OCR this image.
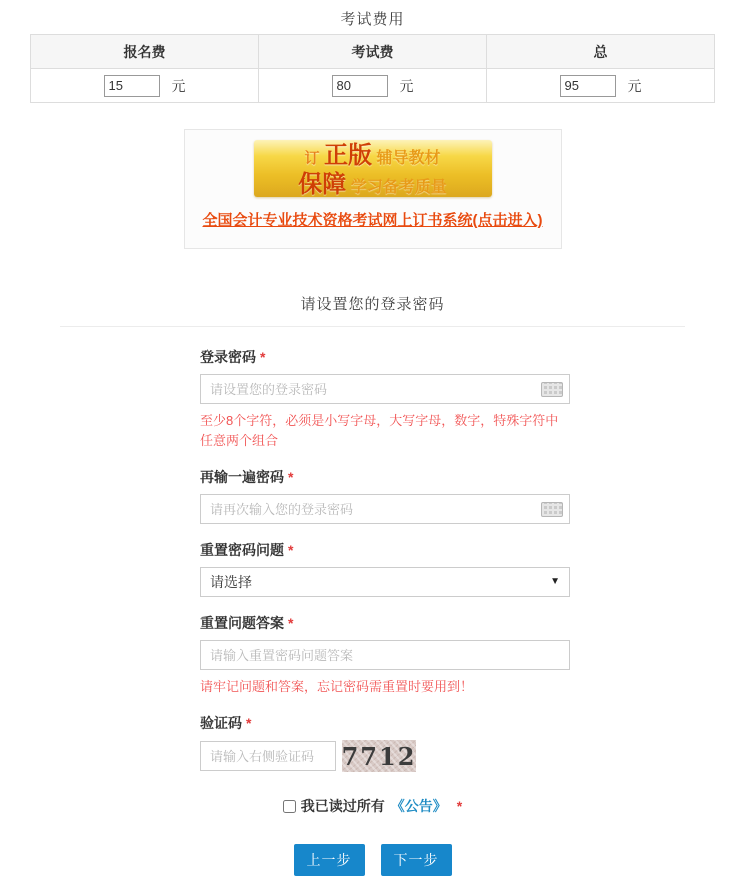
考试费用
报名费	考试费	总
15 元	80元	95元
订 正版 辅导教材
保障 学习备考质量
全国会计专业技术资格考试网上订书系统(点击进入)
请设置您的登录密码
登录密码 *
请设置您的登录密码
至少8个字符，必须是小写字母，大写字母，数字，特殊字符中任意两个组合
再输一遍密码 *
请再次输入您的登录密码
重置密码问题 *
请选择	▼
重置问题答案 *
请输入重置密码问题答案
请牢记问题和答案，忘记密码需重置时要用到！
验证码 *
请输入右侧验证码
7712
我已读过所有 《公告》 *
上一步	下一步
